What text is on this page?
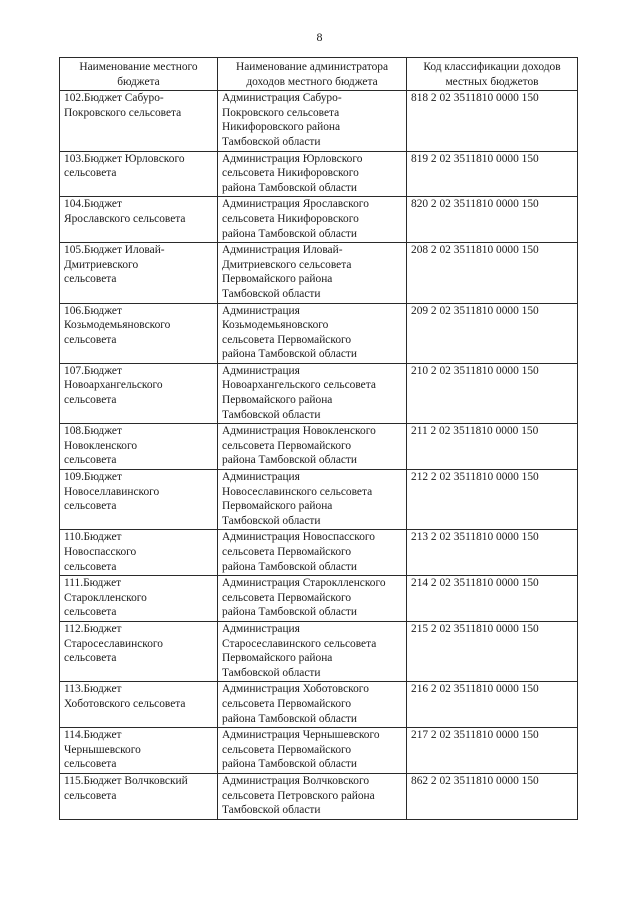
8
Наименование местного бюджета	Наименование администратора доходов местного бюджета	Код классификации доходов местных бюджетов

102.Бюджет Сабуро-
Покровского сельсовета	Администрация Сабуро-
Покровского сельсовета
Никифоровского района
Тамбовской области	818 2 02 3511810 0000 150

103.Бюджет Юрловского
сельсовета	Администрация Юрловского
сельсовета Никифоровского
района Тамбовской области	819 2 02 3511810 0000 150

104.Бюджет
Ярославского сельсовета	Администрация Ярославского
сельсовета Никифоровского
района Тамбовской области	820 2 02 3511810 0000 150

105.Бюджет Иловай-
Дмитриевского
сельсовета	Администрация Иловай-
Дмитриевского сельсовета
Первомайского района
Тамбовской области	208 2 02 3511810 0000 150

106.Бюджет
Козьмодемьяновского
сельсовета	Администрация
Козьмодемьяновского
сельсовета Первомайского
района Тамбовской области	209 2 02 3511810 0000 150

107.Бюджет
Новоархангельского
сельсовета	Администрация
Новоархангельского сельсовета
Первомайского района
Тамбовской области	210 2 02 3511810 0000 150

108.Бюджет
Новокленского
сельсовета	Администрация Новокленского
сельсовета Первомайского
района Тамбовской области	211 2 02 3511810 0000 150

109.Бюджет
Новоселлавинского
сельсовета	Администрация
Новосеславинского сельсовета
Первомайского района
Тамбовской области	212 2 02 3511810 0000 150

110.Бюджет
Новоспасского
сельсовета	Администрация Новоспасского
сельсовета Первомайского
района Тамбовской области	213 2 02 3511810 0000 150

111.Бюджет
Староклленского
сельсовета	Администрация Староклленского
сельсовета Первомайского
района Тамбовской области	214 2 02 3511810 0000 150

112.Бюджет
Старосеславинского
сельсовета	Администрация
Старосеславинского сельсовета
Первомайского района
Тамбовской области	215 2 02 3511810 0000 150

113.Бюджет
Хоботовского сельсовета	Администрация Хоботовского
сельсовета Первомайского
района Тамбовской области	216 2 02 3511810 0000 150

114.Бюджет
Чернышевского
сельсовета	Администрация Чернышевского
сельсовета Первомайского
района Тамбовской области	217 2 02 3511810 0000 150

115.Бюджет Волчковский
сельсовета	Администрация Волчковского
сельсовета Петровского района
Тамбовской области	862 2 02 3511810 0000 150
